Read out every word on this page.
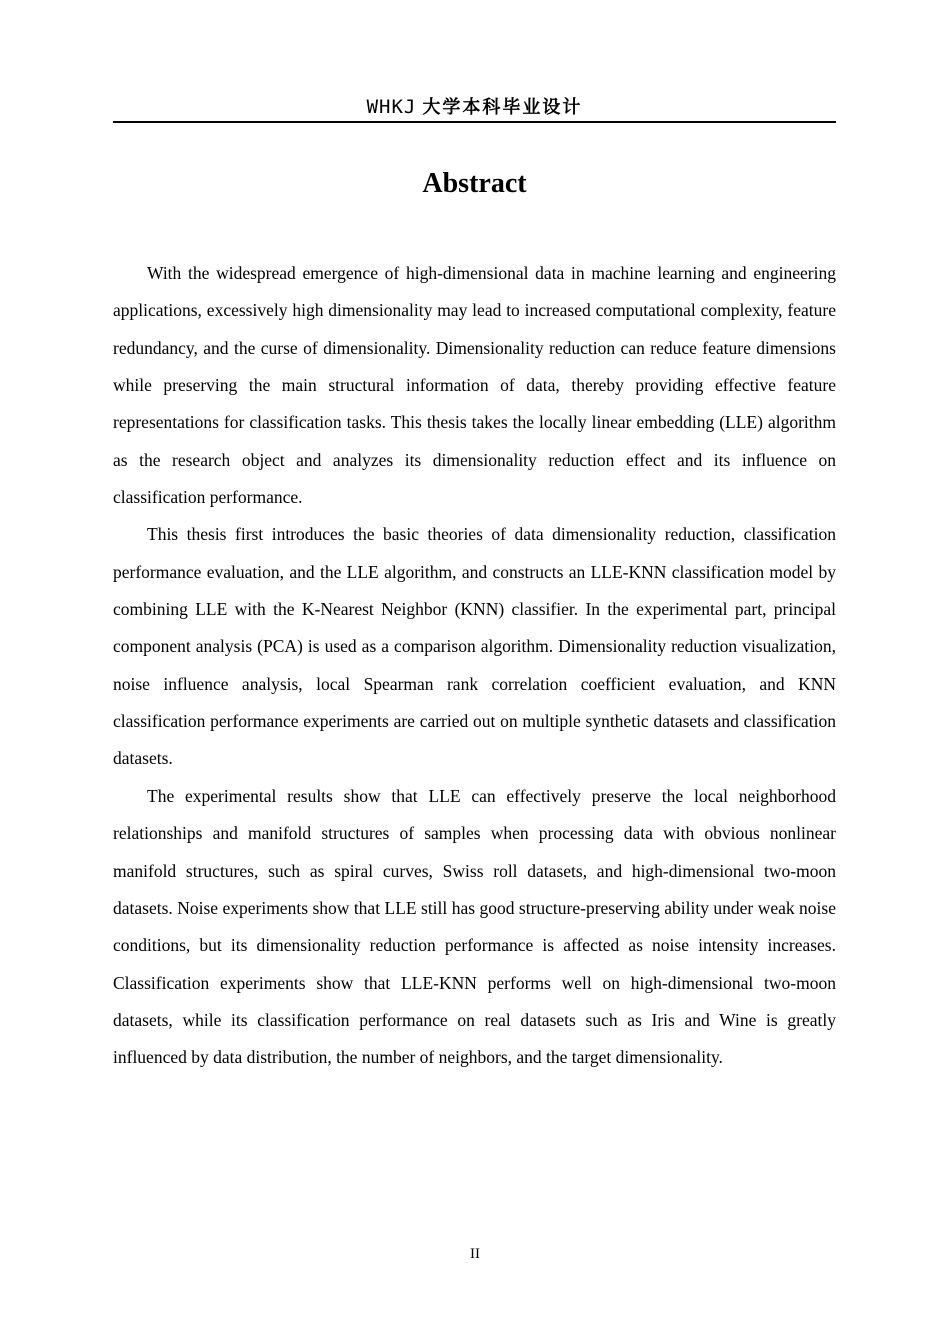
WHKJ 大学本科毕业设计
Abstract

With the widespread emergence of high-dimensional data in machine learning and engineering applications, excessively high dimensionality may lead to increased computational complexity, feature redundancy, and the curse of dimensionality. Dimensionality reduction can reduce feature dimensions while preserving the main structural information of data, thereby providing effective feature representations for classification tasks. This thesis takes the locally linear embedding (LLE) algorithm as the research object and analyzes its dimensionality reduction effect and its influence on classification performance.

This thesis first introduces the basic theories of data dimensionality reduction, classification performance evaluation, and the LLE algorithm, and constructs an LLE-KNN classification model by combining LLE with the K-Nearest Neighbor (KNN) classifier. In the experimental part, principal component analysis (PCA) is used as a comparison algorithm. Dimensionality reduction visualization, noise influence analysis, local Spearman rank correlation coefficient evaluation, and KNN classification performance experiments are carried out on multiple synthetic datasets and classification datasets.

The experimental results show that LLE can effectively preserve the local neighborhood relationships and manifold structures of samples when processing data with obvious nonlinear manifold structures, such as spiral curves, Swiss roll datasets, and high-dimensional two-moon datasets. Noise experiments show that LLE still has good structure-preserving ability under weak noise conditions, but its dimensionality reduction performance is affected as noise intensity increases. Classification experiments show that LLE-KNN performs well on high-dimensional two-moon datasets, while its classification performance on real datasets such as Iris and Wine is greatly influenced by data distribution, the number of neighbors, and the target dimensionality.

II
